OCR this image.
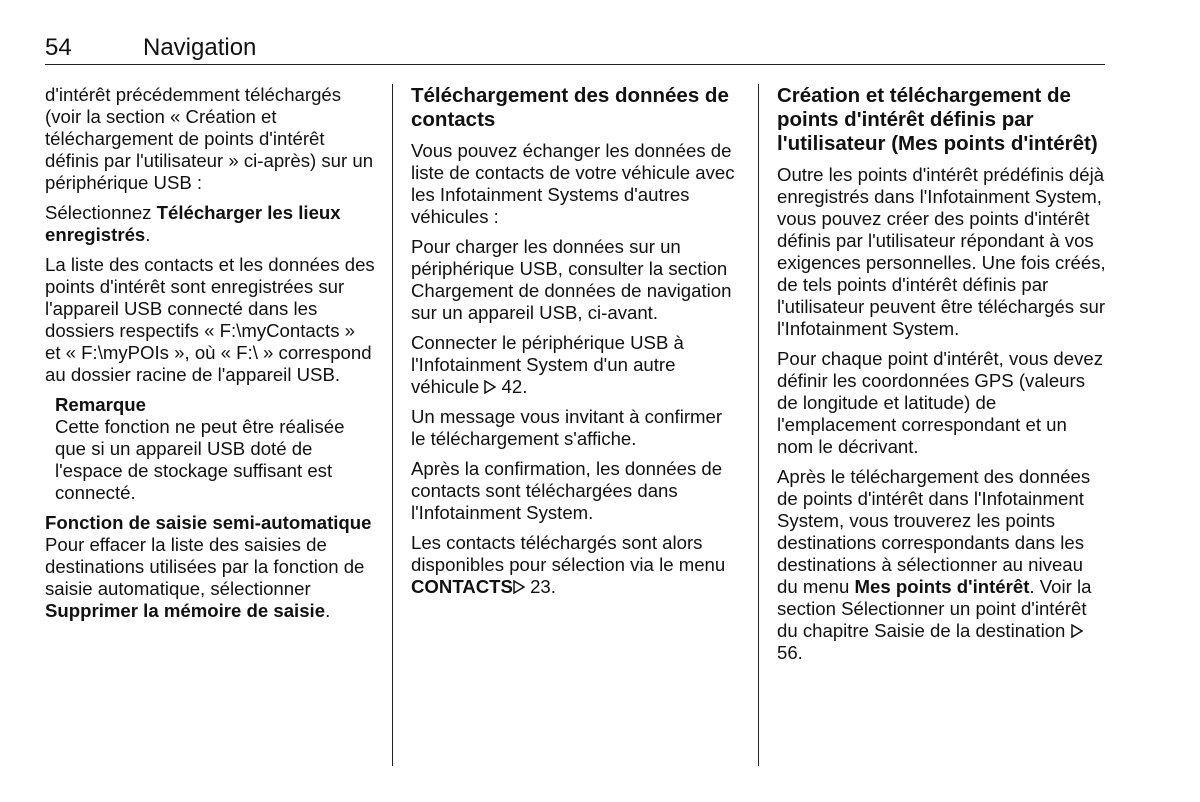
54	Navigation

d'intérêt précédemment téléchargés (voir la section « Création et téléchargement de points d'intérêt définis par l'utilisateur » ci-après) sur un périphérique USB :

Sélectionnez Télécharger les lieux enregistrés.

La liste des contacts et les données des points d'intérêt sont enregistrées sur l'appareil USB connecté dans les dossiers respectifs « F:\myContacts » et « F:\myPOIs », où « F:\ » correspond au dossier racine de l'appareil USB.

Remarque
Cette fonction ne peut être réalisée que si un appareil USB doté de l'espace de stockage suffisant est connecté.
Fonction de saisie semi-automatique

Pour effacer la liste des saisies de destinations utilisées par la fonction de saisie automatique, sélectionner Supprimer la mémoire de saisie.

Téléchargement des données de contacts

Vous pouvez échanger les données de liste de contacts de votre véhicule avec les Infotainment Systems d'autres véhicules :

Pour charger les données sur un périphérique USB, consulter la section Chargement de données de navigation sur un appareil USB, ci-avant.

Connecter le périphérique USB à l'Infotainment System d'un autre véhicule  42.

Un message vous invitant à confirmer le téléchargement s'affiche.

Après la confirmation, les données de contacts sont téléchargées dans l'Infotainment System.

Les contacts téléchargés sont alors disponibles pour sélection via le menu CONTACTS 23.

Création et téléchargement de points d'intérêt définis par l'utilisateur (Mes points d'intérêt)

Outre les points d'intérêt prédéfinis déjà enregistrés dans l'Infotainment System, vous pouvez créer des points d'intérêt définis par l'utilisateur répondant à vos exigences personnelles. Une fois créés, de tels points d'intérêt définis par l'utilisateur peuvent être téléchargés sur l'Infotainment System.

Pour chaque point d'intérêt, vous devez définir les coordonnées GPS (valeurs de longitude et latitude) de l'emplacement correspondant et un nom le décrivant.

Après le téléchargement des données de points d'intérêt dans l'Infotainment System, vous trouverez les points destinations correspondants dans les destinations à sélectionner au niveau du menu Mes points d'intérêt. Voir la section Sélectionner un point d'intérêt du chapitre Saisie de la destination  56.
